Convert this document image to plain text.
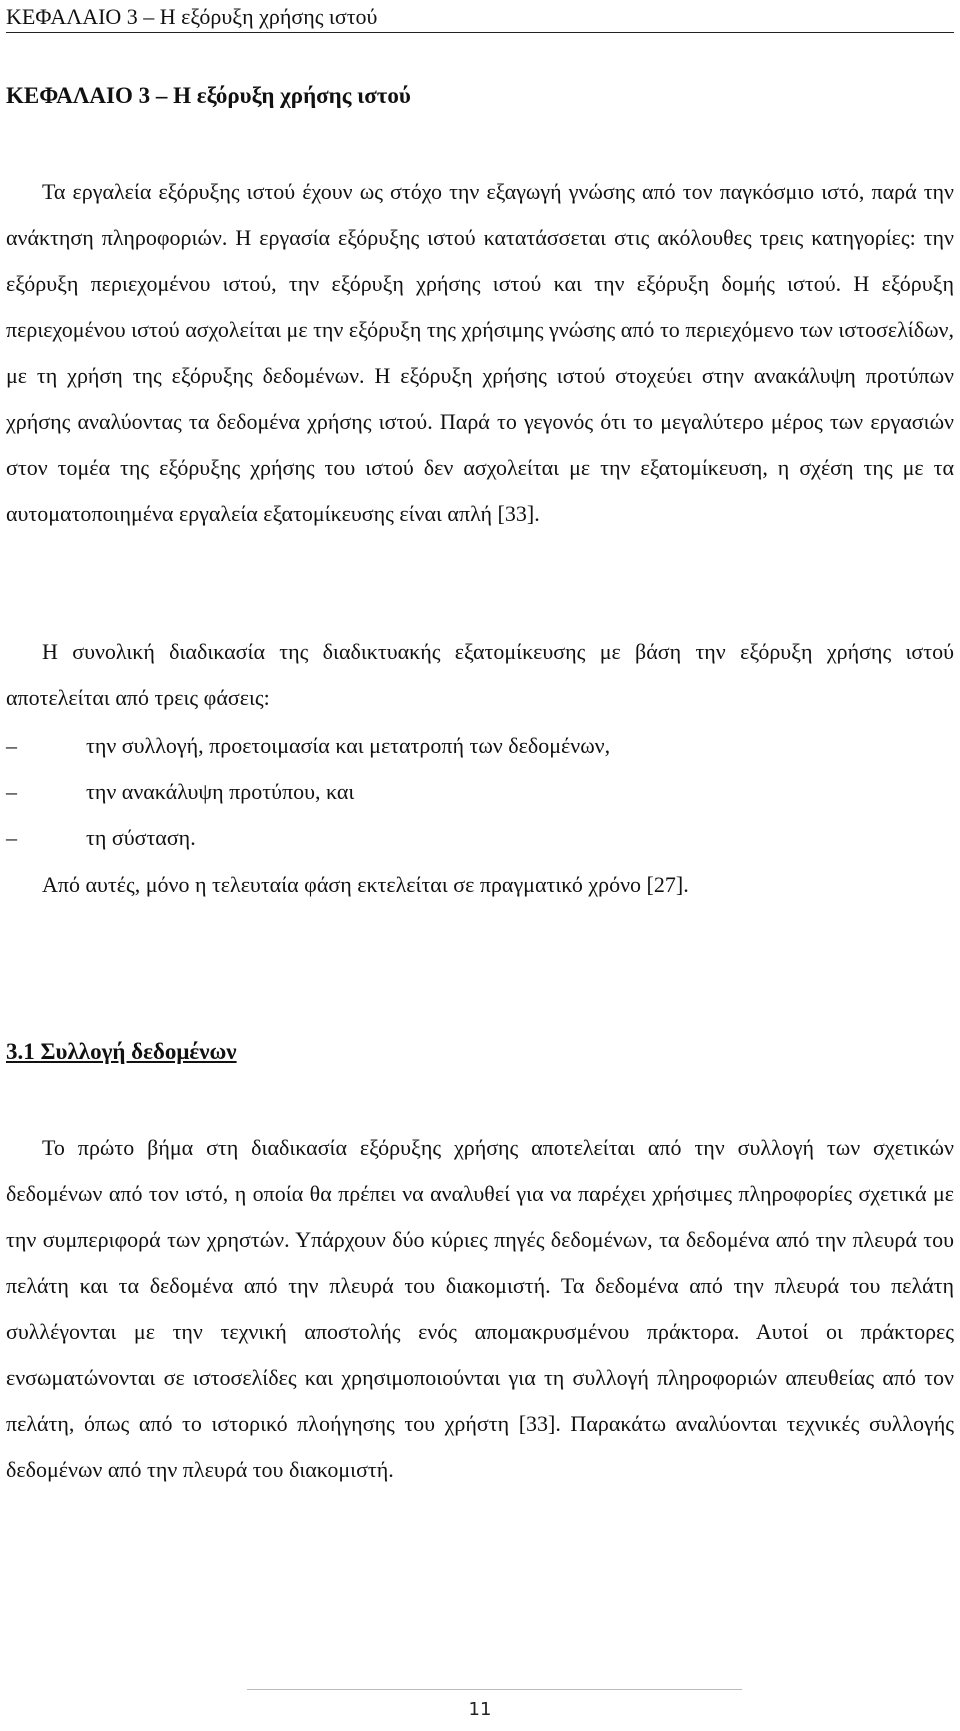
ΚΕΦΑΛΑΙΟ 3 – Η εξόρυξη χρήσης ιστού
ΚΕΦΑΛΑΙΟ 3 – Η εξόρυξη χρήσης ιστού

Τα εργαλεία εξόρυξης ιστού έχουν ως στόχο την εξαγωγή γνώσης από τον παγκόσμιο ιστό, παρά την ανάκτηση πληροφοριών. Η εργασία εξόρυξης ιστού κατατάσσεται στις ακόλουθες τρεις κατηγορίες: την εξόρυξη περιεχομένου ιστού, την εξόρυξη χρήσης ιστού και την εξόρυξη δομής ιστού. Η εξόρυξη περιεχομένου ιστού ασχολείται με την εξόρυξη της χρήσιμης γνώσης από το περιεχόμενο των ιστοσελίδων, με τη χρήση της εξόρυξης δεδομένων. Η εξόρυξη χρήσης ιστού στοχεύει στην ανακάλυψη προτύπων χρήσης αναλύοντας τα δεδομένα χρήσης ιστού. Παρά το γεγονός ότι το μεγαλύτερο μέρος των εργασιών στον τομέα της εξόρυξης χρήσης του ιστού δεν ασχολείται με την εξατομίκευση, η σχέση της με τα αυτοματοποιημένα εργαλεία εξατομίκευσης είναι απλή [33].

Η συνολική διαδικασία της διαδικτυακής εξατομίκευσης με βάση την εξόρυξη χρήσης ιστού αποτελείται από τρεις φάσεις:

–	την συλλογή, προετοιμασία και μετατροπή των δεδομένων,
–	την ανακάλυψη προτύπου, και
–	τη σύσταση.
Από αυτές, μόνο η τελευταία φάση εκτελείται σε πραγματικό χρόνο [27].
3.1 Συλλογή δεδομένων

Το πρώτο βήμα στη διαδικασία εξόρυξης χρήσης αποτελείται από την συλλογή των σχετικών δεδομένων από τον ιστό, η οποία θα πρέπει να αναλυθεί για να παρέχει χρήσιμες πληροφορίες σχετικά με την συμπεριφορά των χρηστών. Υπάρχουν δύο κύριες πηγές δεδομένων, τα δεδομένα από την πλευρά του πελάτη και τα δεδομένα από την πλευρά του διακομιστή. Τα δεδομένα από την πλευρά του πελάτη συλλέγονται με την τεχνική αποστολής ενός απομακρυσμένου πράκτορα. Αυτοί οι πράκτορες ενσωματώνονται σε ιστοσελίδες και χρησιμοποιούνται για τη συλλογή πληροφοριών απευθείας από τον πελάτη, όπως από το ιστορικό πλοήγησης του χρήστη [33]. Παρακάτω αναλύονται τεχνικές συλλογής δεδομένων από την πλευρά του διακομιστή.

11
